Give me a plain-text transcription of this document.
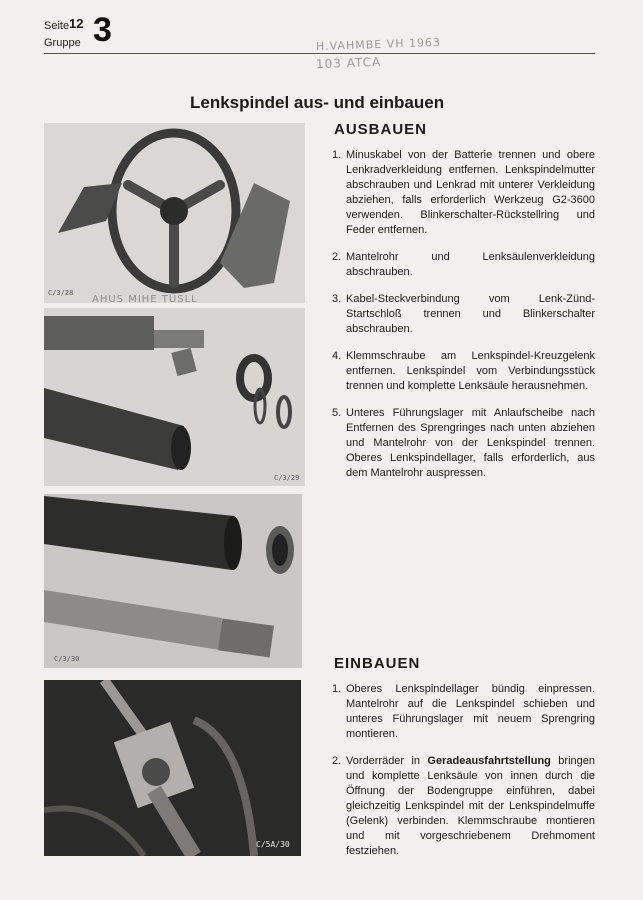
Seite 12
Gruppe 3	H.VAHMBE VH 1963
103 ATCA
Lenkspindel aus- und einbauen
C/3/28
AHUS MIHE TUSLL
C/3/29
C/3/30
C/5A/30
AUSBAUEN
1. Minuskabel von der Batterie trennen und obere Lenkradverkleidung entfernen. Lenkspindelmutter abschrauben und Lenkrad mit unterer Verkleidung abziehen, falls erforderlich Werkzeug G2-3600 verwenden. Blinkerschalter-Rückstellring und Feder entfernen.
2. Mantelrohr und Lenksäulenverkleidung abschrauben.
3. Kabel-Steckverbindung vom Lenk-Zünd-Startschloß trennen und Blinkerschalter abschrauben.
4. Klemmschraube am Lenkspindel-Kreuzgelenk entfernen. Lenkspindel vom Verbindungsstück trennen und komplette Lenksäule herausnehmen.
5. Unteres Führungslager mit Anlaufscheibe nach Entfernen des Sprengringes nach unten abziehen und Mantelrohr von der Lenkspindel trennen. Oberes Lenkspindellager, falls erforderlich, aus dem Mantelrohr auspressen.
EINBAUEN
1. Oberes Lenkspindellager bündig einpressen. Mantelrohr auf die Lenkspindel schieben und unteres Führungslager mit neuem Sprengring montieren.
2. Vorderräder in Geradeausfahrtstellung bringen und komplette Lenksäule von innen durch die Öffnung der Bodengruppe einführen, dabei gleichzeitig Lenkspindel mit der Lenkspindelmuffe (Gelenk) verbinden. Klemmschraube montieren und mit vorgeschriebenem Drehmoment festziehen.
